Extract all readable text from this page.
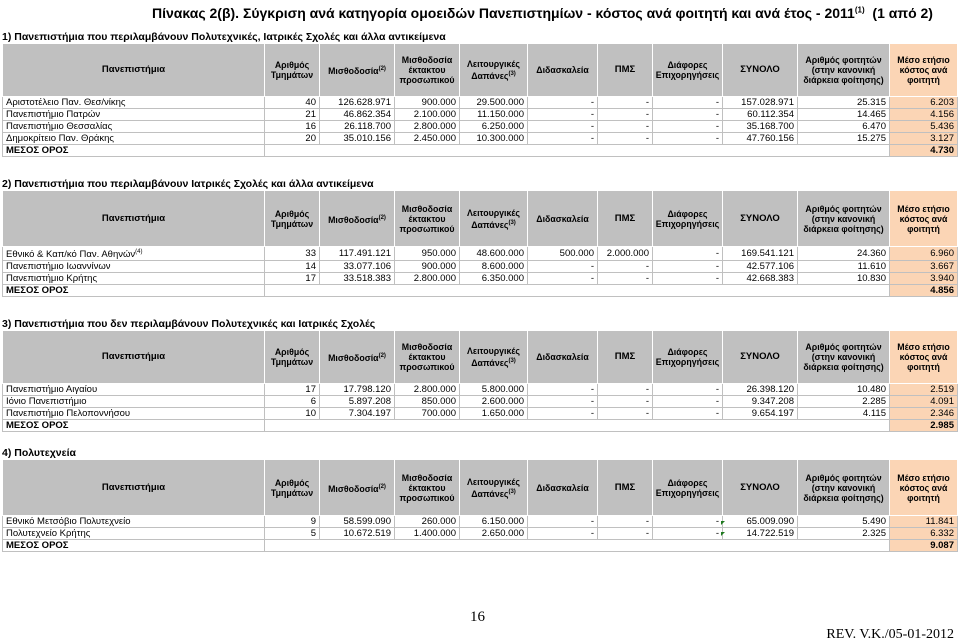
Πίνακας 2(β). Σύγκριση ανά κατηγορία ομοειδών Πανεπιστημίων - κόστος ανά φοιτητή και ανά έτος - 2011$^{(1)}$ (1 από 2)
1) Πανεπιστήμια που περιλαμβάνουν Πολυτεχνικές, Ιατρικές Σχολές και άλλα αντικείμενα
Πανεπιστήμια	Αριθμός Τμημάτων	Μισθοδοσία$^{(2)}$	Μισθοδοσία έκτακτου προσωπικού	Λειτουργικές Δαπάνες$^{(3)}$	Διδασκαλεία	ΠΜΣ	Διάφορες Επιχορηγήσεις	ΣΥΝΟΛΟ	Αριθμός φοιτητών (στην κανονική διάρκεια φοίτησης)	Μέσο ετήσιο κόστος ανά φοιτητή
Αριστοτέλειο Παν. Θεσ/νίκης	40	126.628.971	900.000	29.500.000	-	-	-	157.028.971	25.315	6.203
Πανεπιστήμιο Πατρών	21	46.862.354	2.100.000	11.150.000	-	-	-	60.112.354	14.465	4.156
Πανεπιστήμιο Θεσσαλίας	16	26.118.700	2.800.000	6.250.000	-	-	-	35.168.700	6.470	5.436
Δημοκρίτειο Παν. Θράκης	20	35.010.156	2.450.000	10.300.000	-	-	-	47.760.156	15.275	3.127
ΜΕΣΟΣ ΟΡΟΣ										4.730
2) Πανεπιστήμια που περιλαμβάνουν Ιατρικές Σχολές και άλλα αντικείμενα
Πανεπιστήμια	Αριθμός Τμημάτων	Μισθοδοσία$^{(2)}$	Μισθοδοσία έκτακτου προσωπικού	Λειτουργικές Δαπάνες$^{(3)}$	Διδασκαλεία	ΠΜΣ	Διάφορες Επιχορηγήσεις	ΣΥΝΟΛΟ	Αριθμός φοιτητών (στην κανονική διάρκεια φοίτησης)	Μέσο ετήσιο κόστος ανά φοιτητή
Εθνικό & Καπ/κό Παν. Αθηνών$^{(4)}$	33	117.491.121	950.000	48.600.000	500.000	2.000.000	-	169.541.121	24.360	6.960
Πανεπιστήμιο Ιωαννίνων	14	33.077.106	900.000	8.600.000	-	-	-	42.577.106	11.610	3.667
Πανεπιστήμιο Κρήτης	17	33.518.383	2.800.000	6.350.000	-	-	-	42.668.383	10.830	3.940
ΜΕΣΟΣ ΟΡΟΣ										4.856
3) Πανεπιστήμια που δεν περιλαμβάνουν Πολυτεχνικές και Ιατρικές Σχολές
Πανεπιστήμια	Αριθμός Τμημάτων	Μισθοδοσία$^{(2)}$	Μισθοδοσία έκτακτου προσωπικού	Λειτουργικές Δαπάνες$^{(3)}$	Διδασκαλεία	ΠΜΣ	Διάφορες Επιχορηγήσεις	ΣΥΝΟΛΟ	Αριθμός φοιτητών (στην κανονική διάρκεια φοίτησης)	Μέσο ετήσιο κόστος ανά φοιτητή
Πανεπιστήμιο Αιγαίου	17	17.798.120	2.800.000	5.800.000	-	-	-	26.398.120	10.480	2.519
Ιόνιο Πανεπιστήμιο	6	5.897.208	850.000	2.600.000	-	-	-	9.347.208	2.285	4.091
Πανεπιστήμιο Πελοποννήσου	10	7.304.197	700.000	1.650.000	-	-	-	9.654.197	4.115	2.346
ΜΕΣΟΣ ΟΡΟΣ										2.985
4) Πολυτεχνεία
Πανεπιστήμια	Αριθμός Τμημάτων	Μισθοδοσία$^{(2)}$	Μισθοδοσία έκτακτου προσωπικού	Λειτουργικές Δαπάνες$^{(3)}$	Διδασκαλεία	ΠΜΣ	Διάφορες Επιχορηγήσεις	ΣΥΝΟΛΟ	Αριθμός φοιτητών (στην κανονική διάρκεια φοίτησης)	Μέσο ετήσιο κόστος ανά φοιτητή
Εθνικό Μετσόβιο Πολυτεχνείο	9	58.599.090	260.000	6.150.000	-	-	-	65.009.090	5.490	11.841
Πολυτεχνείο Κρήτης	5	10.672.519	1.400.000	2.650.000	-	-	-	14.722.519	2.325	6.332
ΜΕΣΟΣ ΟΡΟΣ										9.087
16
REV. V.K./05-01-2012
